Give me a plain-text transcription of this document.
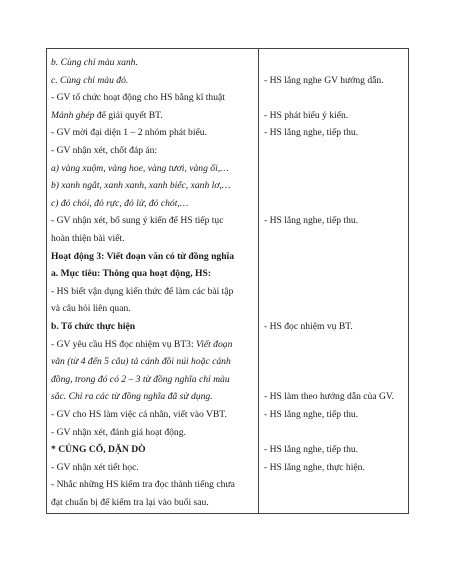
b. Cùng chỉ màu xanh.
c. Cùng chỉ màu đỏ.
- GV tổ chức hoạt động cho HS bằng kĩ thuật
Mảnh ghép để giải quyết BT.
- GV mời đại diện 1 – 2 nhóm phát biểu.
- GV nhận xét, chốt đáp án:
a) vàng xuộm, vàng hoe, vàng tươi, vàng ối,…
b) xanh ngắt, xanh xanh, xanh biếc, xanh lơ,…
c) đỏ chói, đỏ rực, đỏ lừ, đỏ chót,…
- GV nhận xét, bổ sung ý kiến để HS tiếp tục
hoàn thiện bài viết.
Hoạt động 3: Viết đoạn văn có từ đồng nghĩa
a. Mục tiêu: Thông qua hoạt động, HS:
- HS biết vận dụng kiến thức để làm các bài tập
và câu hỏi liên quan.
b. Tổ chức thực hiện
- GV yêu cầu HS đọc nhiệm vụ BT3: Viết đoạn
văn (từ 4 đến 5 câu) tả cánh đồi núi hoặc cánh
đồng, trong đó có 2 – 3 từ đồng nghĩa chỉ màu
sắc. Chỉ ra các từ đồng nghĩa đã sử dụng.
- GV cho HS làm việc cá nhân, viết vào VBT.
- GV nhận xét, đánh giá hoạt động.
* CỦNG CỐ, DẶN DÒ
- GV nhận xét tiết học.
- Nhắc những HS kiểm tra đọc thành tiếng chưa
đạt chuẩn bị để kiểm tra lại vào buổi sau.
- HS lắng nghe GV hướng dẫn.
- HS phát biểu ý kiến.
- HS lắng nghe, tiếp thu.
- HS lắng nghe, tiếp thu.
- HS đọc nhiệm vụ BT.
- HS làm theo hướng dẫn của GV.
- HS lắng nghe, tiếp thu.
- HS lắng nghe, tiếp thu.
- HS lắng nghe, thực hiện.
